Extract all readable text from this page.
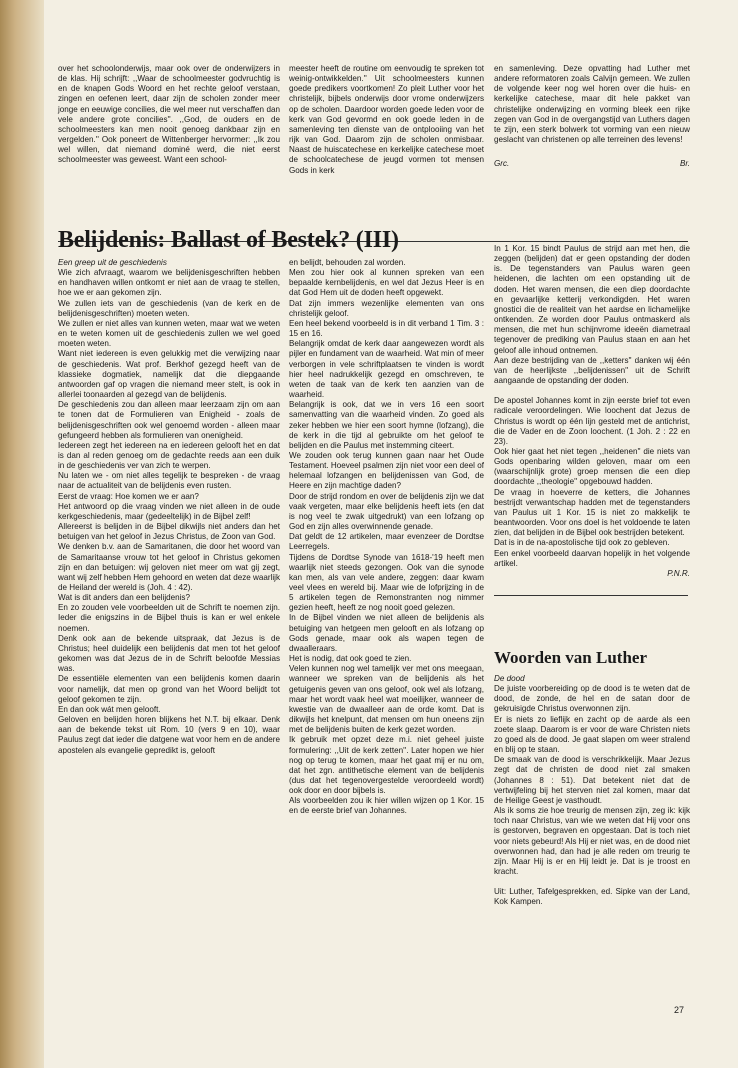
over het schoolonderwijs, maar ook over de onderwijzers in de klas. Hij schrijft: ,,Waar de schoolmeester godvruchtig is en de knapen Gods Woord en het rechte geloof verstaan, zingen en oefenen leert, daar zijn de scholen zonder meer jonge en eeuwige concilies, die wel meer nut verschaffen dan vele andere grote concilies''. ,,God, de ouders en de schoolmeesters kan men nooit genoeg dankbaar zijn en vergelden.'' Ook poneert de Wittenberger hervormer: ,,Ik zou wel willen, dat niemand dominé werd, die niet eerst schoolmeester was geweest. Want een school-

meester heeft de routine om eenvoudig te spreken tot weinig-ontwikkelden.'' Uit schoolmeesters kunnen goede predikers voortkomen! Zo pleit Luther voor het christelijk, bijbels onderwijs door vrome onderwijzers op de scholen. Daardoor worden goede leden voor de kerk van God gevormd en ook goede leden in de samenleving ten dienste van de ontplooiing van het rijk van God. Daarom zijn de scholen onmisbaar. Naast de huiscatechese en kerkelijke catechese moet de schoolcatechese de jeugd vormen tot mensen Gods in kerk

en samenleving. Deze opvatting had Luther met andere reformatoren zoals Calvijn gemeen. We zullen de volgende keer nog wel horen over die huis- en kerkelijke catechese, maar dit hele pakket van christelijke onderwijzing en vorming bleek een rijke zegen van God in de overgangstijd van Luthers dagen te zijn, een sterk bolwerk tot vorming van een nieuw geslacht van christenen op alle terreinen des levens!

Grc.	Br.
Belijdenis: Ballast of Bestek? (III)

Een greep uit de geschiedenis

Wie zich afvraagt, waarom we belijdenisgeschriften hebben en handhaven willen ontkomt er niet aan de vraag te stellen, hoe we er aan gekomen zijn.

We zullen iets van de geschiedenis (van de kerk en de belijdenisgeschriften) moeten weten.

We zullen er niet alles van kunnen weten, maar wat we weten en te weten komen uit de geschiedenis zullen we wel goed moeten weten.

Want niet iedereen is even gelukkig met die verwijzing naar de geschiedenis. Wat prof. Berkhof gezegd heeft van de klassieke dogmatiek, namelijk dat die diepgaande antwoorden gaf op vragen die niemand meer stelt, is ook in allerlei toonaarden al gezegd van de belijdenis.

De geschiedenis zou dan alleen maar leerzaam zijn om aan te tonen dat de Formulieren van Enigheid - zoals de belijdenisgeschriften ook wel genoemd worden - alleen maar gefungeerd hebben als formulieren van onenigheid.

Iedereen zegt het iedereen na en iedereen gelooft het en dat is dan al reden genoeg om de gedachte reeds aan een duik in de geschiedenis ver van zich te werpen.

Nu laten we - om niet alles tegelijk te bespreken - de vraag naar de actualiteit van de belijdenis even rusten.

Eerst de vraag: Hoe komen we er aan?

Het antwoord op die vraag vinden we niet alleen in de oude kerkgeschiedenis, maar (gedeeltelijk) in de Bijbel zelf!

Allereerst is belijden in de Bijbel dikwijls niet anders dan het betuigen van het geloof in Jezus Christus, de Zoon van God.

We denken b.v. aan de Samaritanen, die door het woord van de Samaritaanse vrouw tot het geloof in Christus gekomen zijn en dan betuigen: wij geloven niet meer om wat gij zegt, want wij zelf hebben Hem gehoord en weten dat deze waarlijk de Heiland der wereld is (Joh. 4 : 42).

Wat is dit anders dan een belijdenis?

En zo zouden vele voorbeelden uit de Schrift te noemen zijn. Ieder die enigszins in de Bijbel thuis is kan er wel enkele noemen.

Denk ook aan de bekende uitspraak, dat Jezus is de Christus; heel duidelijk een belijdenis dat men tot het geloof gekomen was dat Jezus de in de Schrift beloofde Messias was.

De essentiële elementen van een belijdenis komen daarin voor namelijk, dat men op grond van het Woord belijdt tot geloof gekomen te zijn.

En dan ook wát men gelooft.

Geloven en belijden horen blijkens het N.T. bij elkaar. Denk aan de bekende tekst uit Rom. 10 (vers 9 en 10), waar Paulus zegt dat ieder die datgene wat voor hem en de andere apostelen als evangelie gepredikt is, gelooft

en belijdt, behouden zal worden.

Men zou hier ook al kunnen spreken van een bepaalde kernbelijdenis, en wel dat Jezus Heer is en dat God Hem uit de doden heeft opgewekt.

Dat zijn immers wezenlijke elementen van ons christelijk geloof.

Een heel bekend voorbeeld is in dit verband 1 Tim. 3 : 15 en 16.

Belangrijk omdat de kerk daar aangewezen wordt als pijler en fundament van de waarheid. Wat min of meer verborgen in vele schriftplaatsen te vinden is wordt hier heel nadrukkelijk gezegd en omschreven, te weten de taak van de kerk ten aanzien van de waarheid.

Belangrijk is ook, dat we in vers 16 een soort samenvatting van die waarheid vinden. Zo goed als zeker hebben we hier een soort hymne (lofzang), die de kerk in die tijd al gebruikte om het geloof te belijden en die Paulus met instemming citeert.

We zouden ook terug kunnen gaan naar het Oude Testament. Hoeveel psalmen zijn niet voor een deel of helemaal lofzangen en belijdenissen van God, de Heere en zijn machtige daden?

Door de strijd rondom en over de belijdenis zijn we dat vaak vergeten, maar elke belijdenis heeft iets (en dat is nog veel te zwak uitgedrukt) van een lofzang op God en zijn alles overwinnende genade.

Dat geldt de 12 artikelen, maar evenzeer de Dordtse Leerregels.

Tijdens de Dordtse Synode van 1618-'19 heeft men waarlijk niet steeds gezongen. Ook van die synode kan men, als van vele andere, zeggen: daar kwam veel vlees en wereld bij. Maar wie de lofprijzing in de 5 artikelen tegen de Remonstranten nog nimmer gezien heeft, heeft ze nog nooit goed gelezen.

In de Bijbel vinden we niet alleen de belijdenis als betuiging van hetgeen men gelooft en als lofzang op Gods genade, maar ook als wapen tegen de dwaalleraars.

Het is nodig, dat ook goed te zien.

Velen kunnen nog wel tamelijk ver met ons meegaan, wanneer we spreken van de belijdenis als het getuigenis geven van ons geloof, ook wel als lofzang, maar het wordt vaak heel wat moeilijker, wanneer de kwestie van de dwaalleer aan de orde komt. Dat is dikwijls het knelpunt, dat mensen om hun oneens zijn met de belijdenis buiten de kerk gezet worden.

Ik gebruik met opzet deze m.i. niet geheel juiste formulering: ,,Uit de kerk zetten''. Later hopen we hier nog op terug te komen, maar het gaat mij er nu om, dat het zgn. antithetische element van de belijdenis (dus dat het tegenovergestelde veroordeeld wordt) ook door en door bijbels is.

Als voorbeelden zou ik hier willen wijzen op 1 Kor. 15 en de eerste brief van Johannes.

In 1 Kor. 15 bindt Paulus de strijd aan met hen, die zeggen (belijden) dat er geen opstanding der doden is. De tegenstanders van Paulus waren geen heidenen, die lachten om een opstanding uit de doden. Het waren mensen, die een diep doordachte en gevaarlijke ketterij verkondigden. Het waren gnostici die de realiteit van het aardse en lichamelijke ontkenden. Ze worden door Paulus ontmaskerd als mensen, die met hun schijnvrome ideeën diametraal tegenover de prediking van Paulus staan en aan het geloof alle inhoud ontnemen.

Aan deze bestrijding van de ,,ketters'' danken wij één van de heerlijkste ,,belijdenissen'' uit de Schrift aangaande de opstanding der doden.

De apostel Johannes komt in zijn eerste brief tot even radicale veroordelingen. Wie loochent dat Jezus de Christus is wordt op één lijn gesteld met de antichrist, die de Vader en de Zoon loochent. (1 Joh. 2 : 22 en 23).

Ook hier gaat het niet tegen ,,heidenen'' die niets van Gods openbaring wilden geloven, maar om een (waarschijnlijk grote) groep mensen die een diep doordachte ,,theologie'' opgebouwd hadden.

De vraag in hoeverre de ketters, die Johannes bestrijdt verwantschap hadden met de tegenstanders van Paulus uit 1 Kor. 15 is niet zo makkelijk te beantwoorden. Voor ons doel is het voldoende te laten zien, dat belijden in de Bijbel ook bestrijden betekent.

Dat is in de na-apostolische tijd ook zo gebleven.

Een enkel voorbeeld daarvan hopelijk in het volgende artikel.

P.N.R.

Woorden van Luther

De dood

De juiste voorbereiding op de dood is te weten dat de dood, de zonde, de hel en de satan door de gekruisigde Christus overwonnen zijn.

Er is niets zo lieflijk en zacht op de aarde als een zoete slaap. Daarom is er voor de ware Christen niets zo goed als de dood. Je gaat slapen om weer stralend en blij op te staan.

De smaak van de dood is verschrikkelijk. Maar Jezus zegt dat de christen de dood niet zal smaken (Johannes 8 : 51). Dat betekent niet dat de vertwijfeling bij het sterven niet zal komen, maar dat de Heilige Geest je vasthoudt.

Als ik soms zie hoe treurig de mensen zijn, zeg ik: kijk toch naar Christus, van wie we weten dat Hij voor ons is gestorven, begraven en opgestaan. Dat is toch niet voor niets gebeurd! Als Hij er niet was, en de dood niet overwonnen had, dan had je alle reden om treurig te zijn. Maar Hij is er en Hij leidt je. Dat is je troost en kracht.

Uit: Luther, Tafelgesprekken, ed. Sipke van der Land, Kok Kampen.

27
